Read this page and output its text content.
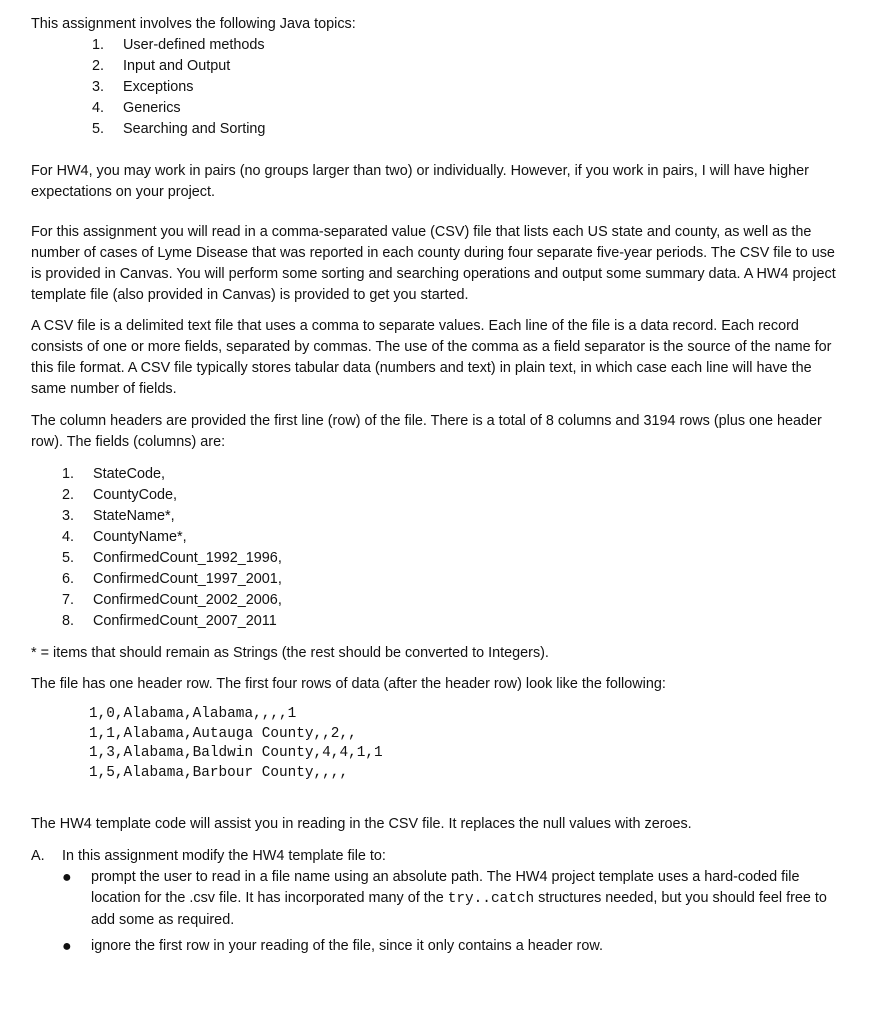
This assignment involves the following Java topics:

1.	User-defined methods
2.	Input and Output
3.	Exceptions
4.	Generics
5.	Searching and Sorting

For HW4, you may work in pairs (no groups larger than two) or individually. However, if you work in pairs, I will have higher expectations on your project.

For this assignment you will read in a comma-separated value (CSV) file that lists each US state and county, as well as the number of cases of Lyme Disease that was reported in each county during four separate five-year periods. The CSV file to use is provided in Canvas. You will perform some sorting and searching operations and output some summary data. A HW4 project template file (also provided in Canvas) is provided to get you started.

A CSV file is a delimited text file that uses a comma to separate values. Each line of the file is a data record. Each record consists of one or more fields, separated by commas. The use of the comma as a field separator is the source of the name for this file format. A CSV file typically stores tabular data (numbers and text) in plain text, in which case each line will have the same number of fields.

The column headers are provided the first line (row) of the file. There is a total of 8 columns and 3194 rows (plus one header row). The fields (columns) are:

1.	StateCode,
2.	CountyCode,
3.	StateName*,
4.	CountyName*,
5.	ConfirmedCount_1992_1996,
6.	ConfirmedCount_1997_2001,
7.	ConfirmedCount_2002_2006,
8.	ConfirmedCount_2007_2011

* = items that should remain as Strings (the rest should be converted to Integers).

The file has one header row. The first four rows of data (after the header row) look like the following:

1,0,Alabama,Alabama,,,,1
1,1,Alabama,Autauga County,,2,,
1,3,Alabama,Baldwin County,4,4,1,1
1,5,Alabama,Barbour County,,,,

The HW4 template code will assist you in reading in the CSV file. It replaces the null values with zeroes.

A.	In this assignment modify the HW4 template file to:
●	prompt the user to read in a file name using an absolute path. The HW4 project template uses a hard-coded file location for the .csv file. It has incorporated many of the try..catch structures needed, but you should feel free to add some as required.
●	ignore the first row in your reading of the file, since it only contains a header row.
